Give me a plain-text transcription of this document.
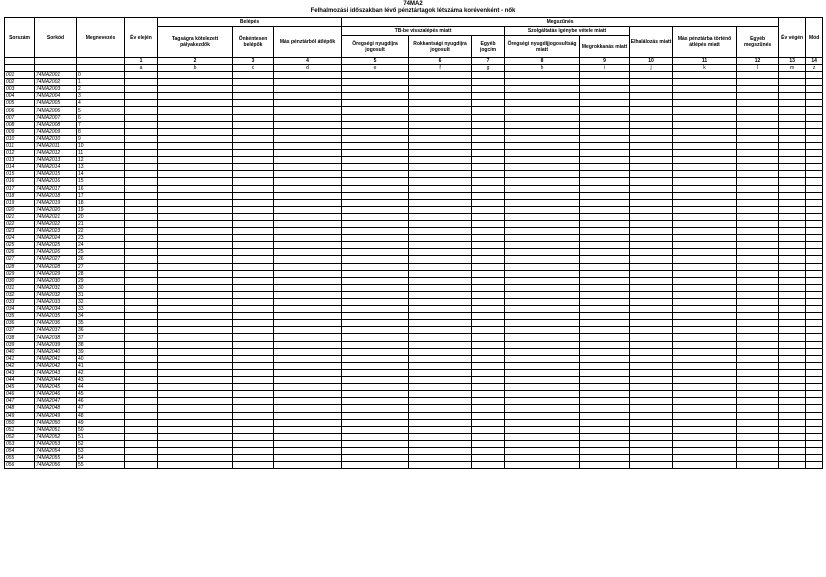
74MA2
Felhalmozási időszakban lévő pénztártagok létszáma korévenként - nők
Sorszám	Sorkód	Megnevezés	Év elején	Belépés			Megszűnés								Év végén	Mód
				Tagságra kötelezett pályakezdők	Önkéntesen belépők	Más pénztárból átlépők	TB-be visszalépés miatt			Szolgáltatás igénybe vétele miatt		Elhalálozás miatt	Más pénztárba történő átlépés miatt	Egyéb megszűnés		
							Öregségi nyugdíjra jogosult	Rokkantsági nyugdíjra jogosult	Egyéb jogcím	Öregségi nyugdíjjogosultság miatt	Megrokkanás miatt					
			1	2	3	4	5	6	7	8	9	10	11	12	13	14
			a	b	c	d	e	f	g	h	i	j	k	l	m	z
001	74MA2001	0														
002	74MA2002	1														
003	74MA2003	2														
004	74MA2004	3														
005	74MA2005	4														
006	74MA2006	5														
007	74MA2007	6														
008	74MA2008	7														
009	74MA2009	8														
010	74MA2010	9														
011	74MA2011	10														
012	74MA2012	11														
013	74MA2013	12														
014	74MA2014	13														
015	74MA2015	14														
016	74MA2016	15														
017	74MA2017	16														
018	74MA2018	17														
019	74MA2019	18														
020	74MA2020	19														
021	74MA2021	20														
022	74MA2022	21														
023	74MA2023	22														
024	74MA2024	23														
025	74MA2025	24														
026	74MA2026	25														
027	74MA2027	26														
028	74MA2028	27														
029	74MA2029	28														
030	74MA2030	29														
031	74MA2031	30														
032	74MA2032	31														
033	74MA2033	32														
034	74MA2034	33														
035	74MA2035	34														
036	74MA2036	35														
037	74MA2037	36														
038	74MA2038	37														
039	74MA2039	38														
040	74MA2040	39														
041	74MA2041	40														
042	74MA2042	41														
043	74MA2043	42														
044	74MA2044	43														
045	74MA2045	44														
046	74MA2046	45														
047	74MA2047	46														
048	74MA2048	47														
049	74MA2049	48														
050	74MA2050	49														
051	74MA2051	50														
052	74MA2052	51														
053	74MA2053	52														
054	74MA2054	53														
055	74MA2055	54														
056	74MA2056	55														
